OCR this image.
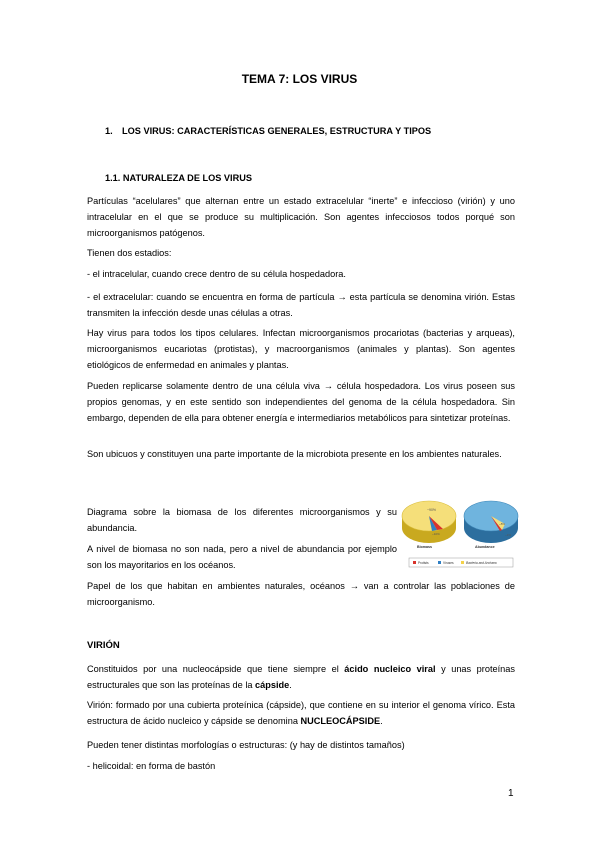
TEMA 7: LOS VIRUS
1. LOS VIRUS: CARACTERÍSTICAS GENERALES, ESTRUCTURA Y TIPOS
1.1. NATURALEZA DE LOS VIRUS

Partículas “acelulares” que alternan entre un estado extracelular “inerte” e infeccioso (virión) y uno intracelular en el que se produce su multiplicación. Son agentes infecciosos todos porqué son microorganismos patógenos.

Tienen dos estadios:

- el intracelular, cuando crece dentro de su célula hospedadora.

- el extracelular: cuando se encuentra en forma de partícula → esta partícula se denomina virión. Estas transmiten la infección desde unas células a otras.

Hay virus para todos los tipos celulares. Infectan microorganismos procariotas (bacterias y arqueas), microorganismos eucariotas (protistas), y macroorganismos (animales y plantas). Son agentes etiológicos de enfermedad en animales y plantas.

Pueden replicarse solamente dentro de una célula viva → célula hospedadora. Los virus poseen sus propios genomas, y en este sentido son independientes del genoma de la célula hospedadora. Sin embargo, dependen de ella para obtener energía e intermediarios metabólicos para sintetizar proteínas.

Son ubicuos y constituyen una parte importante de la microbiota presente en los ambientes naturales.

Diagrama sobre la biomasa de los diferentes microorganismos y su abundancia.

A nivel de biomasa no son nada, pero a nivel de abundancia por ejemplo son los mayoritarios en los océanos.

~90%
~10%
Biomass
~8%
~1%
Abundance
Protists	Viruses	Bacteria and Archaea

Papel de los que habitan en ambientes naturales, océanos → van a controlar las poblaciones de microorganismo.

VIRIÓN

Constituidos por una nucleocápside que tiene siempre el ácido nucleico viral y unas proteínas estructurales que son las proteínas de la cápside.

Virión: formado por una cubierta proteínica (cápside), que contiene en su interior el genoma vírico. Esta estructura de ácido nucleico y cápside se denomina NUCLEOCÁPSIDE.

Pueden tener distintas morfologías o estructuras: (y hay de distintos tamaños)

- helicoidal: en forma de bastón

1
